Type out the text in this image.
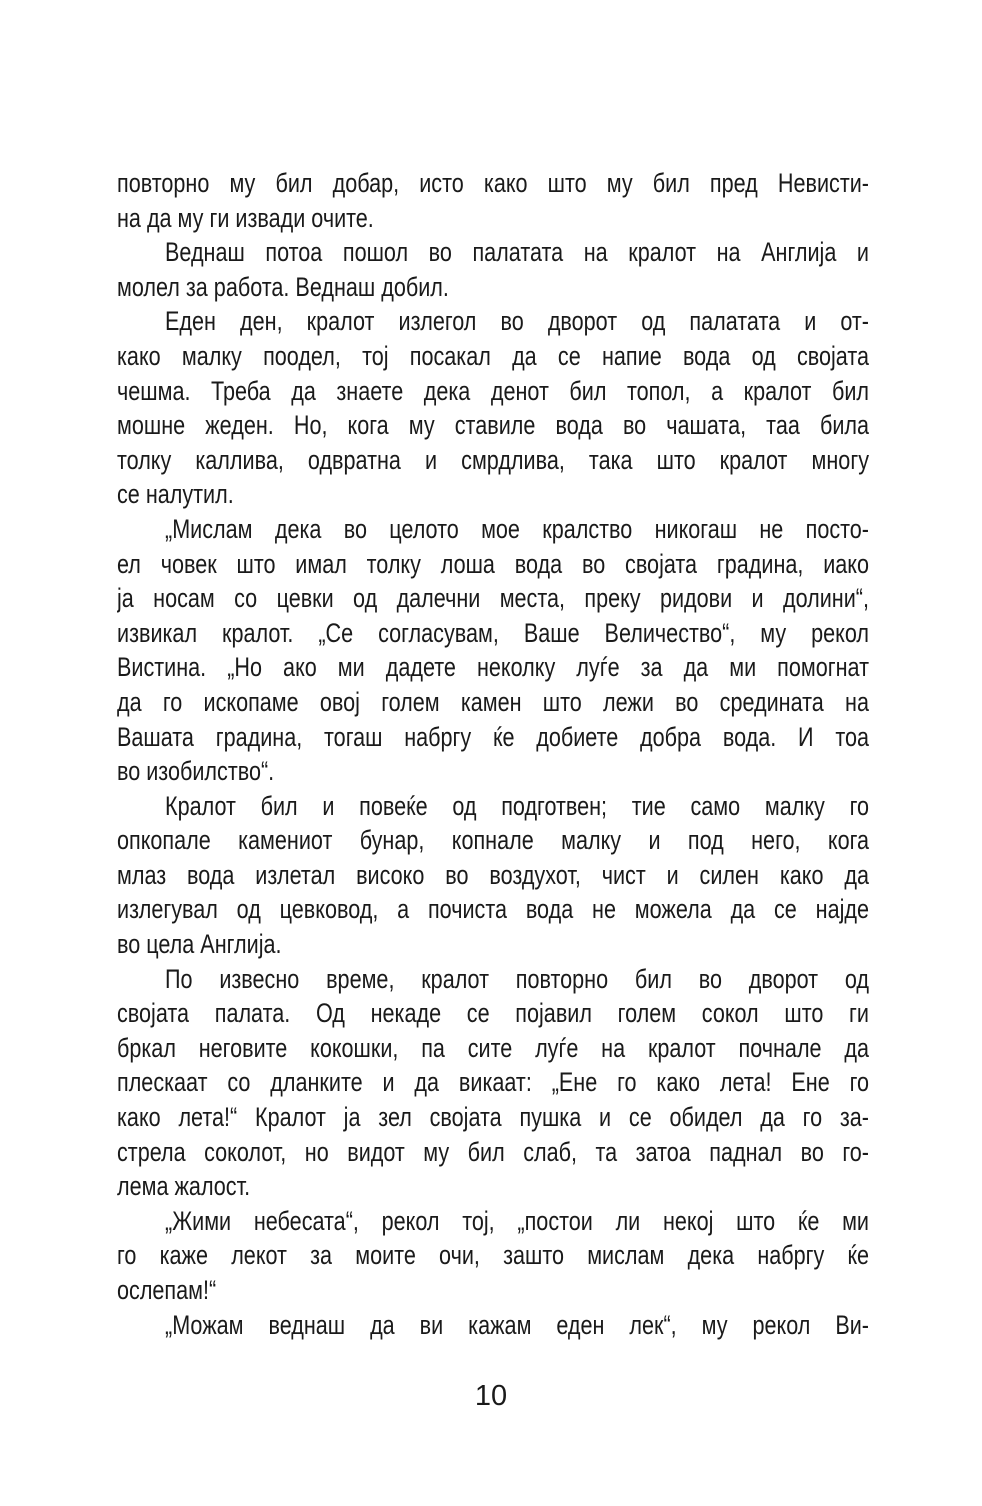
повторно му бил добар, исто како што му бил пред Невисти-
на да му ги извади очите.
Веднаш потоа пошол во палатата на кралот на Англија и
молел за работа. Веднаш добил.
Еден ден, кралот излегол во дворот од палатата и от-
како малку поодел, тој посакал да се напие вода од својата
чешма. Треба да знаете дека денот бил топол, а кралот бил
мошне жеден. Но, кога му ставиле вода во чашата, таа била
толку каллива, одвратна и смрдлива, така што кралот многу
се налутил.
„Мислам дека во целото мое кралство никогаш не посто-
ел човек што имал толку лоша вода во својата градина, иако
ја носам со цевки од далечни места, преку ридови и долини“,
извикал кралот. „Се согласувам, Ваше Величество“, му рекол
Вистина. „Но ако ми дадете неколку луѓе за да ми помогнат
да го ископаме овој голем камен што лежи во средината на
Вашата градина, тогаш набргу ќе добиете добра вода. И тоа
во изобилство“.
Кралот бил и повеќе од подготвен; тие само малку го
опкопале камениот бунар, копнале малку и под него, кога
млаз вода излетал високо во воздухот, чист и силен како да
излегувал од цевковод, а почиста вода не можела да се најде
во цела Англија.
По извесно време, кралот повторно бил во дворот од
својата палата. Од некаде се појавил голем сокол што ги
бркал неговите кокошки, па сите луѓе на кралот почнале да
плескаат со дланките и да викаат: „Ене го како лета! Ене го
како лета!“ Кралот ја зел својата пушка и се обидел да го за-
стрела соколот, но видот му бил слаб, та затоа паднал во го-
лема жалост.
„Жими небесата“, рекол тој, „постои ли некој што ќе ми
го каже лекот за моите очи, зашто мислам дека набргу ќе
ослепам!“
„Можам веднаш да ви кажам еден лек“, му рекол Ви-
10
